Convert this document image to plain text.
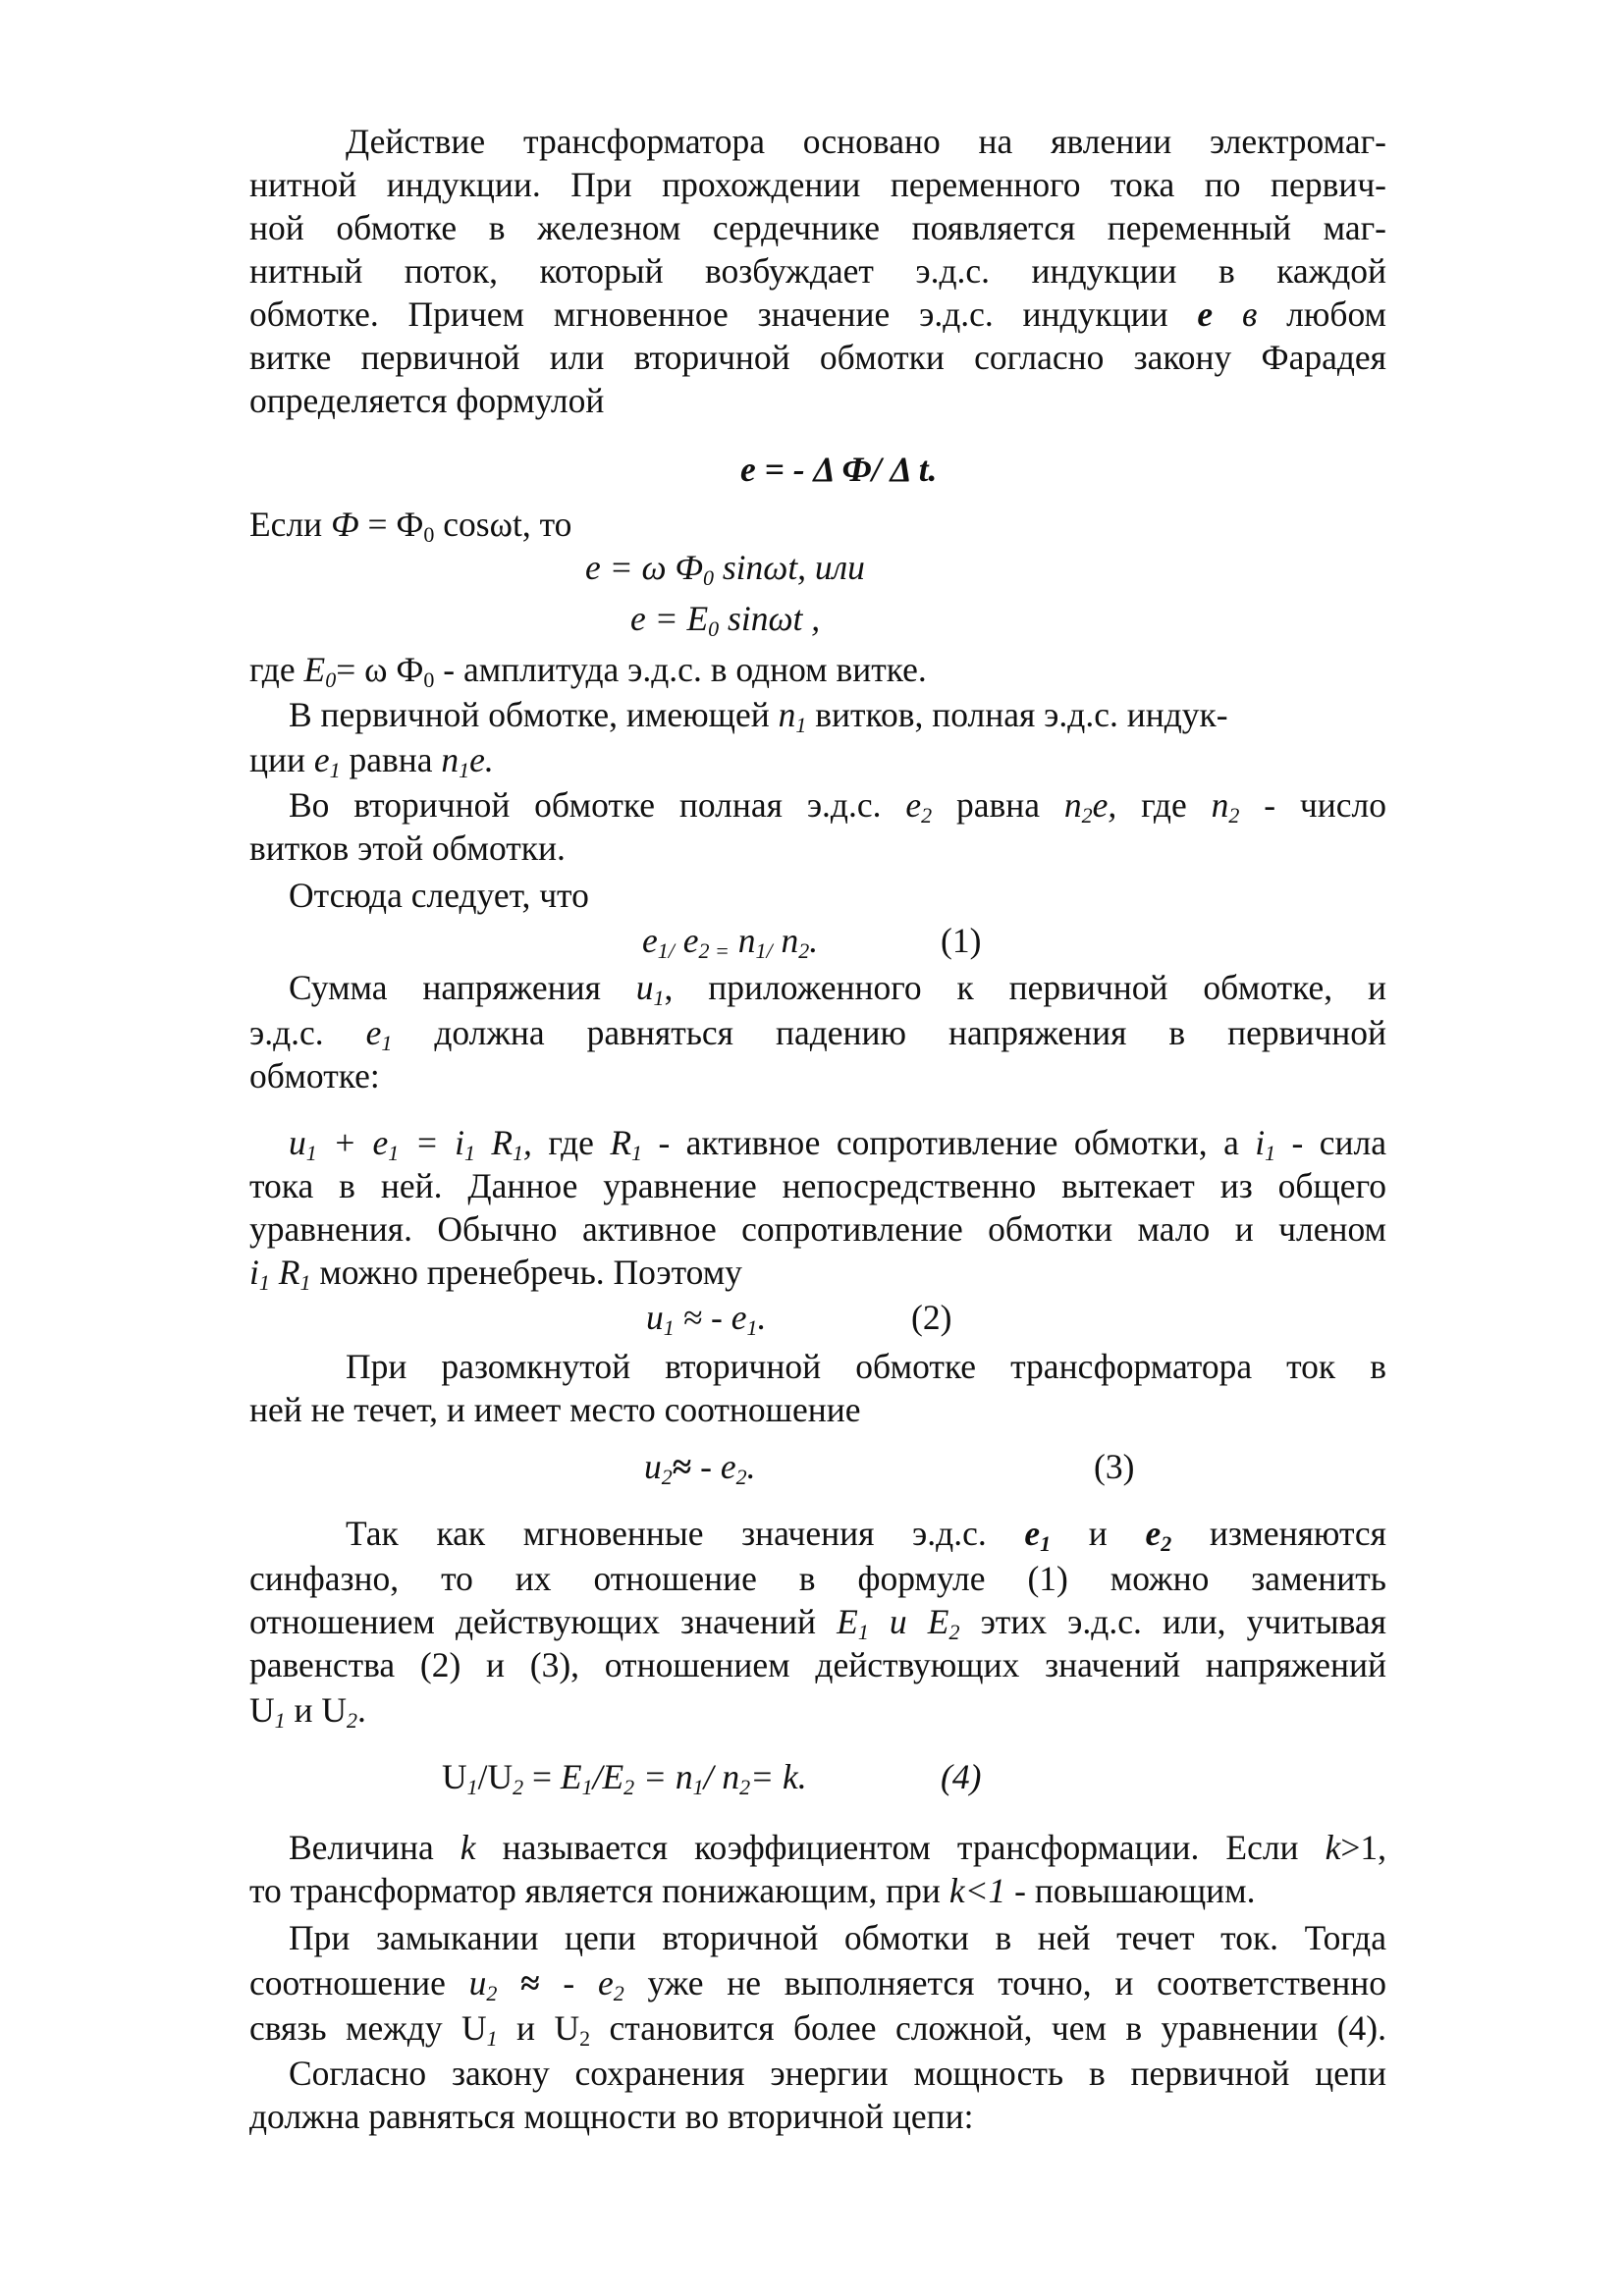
Действие трансформатора основано на явлении электромаг-
нитной индукции. При прохождении переменного тока по первич-
ной обмотке в железном сердечнике появляется переменный маг-
нитный поток, который возбуждает э.д.с. индукции в каждой
обмотке. Причем мгновенное значение э.д.с. индукции е в любом
витке первичной или вторичной обмотки согласно закону Фарадея
определяется формулой
е = - Δ Ф/ Δ t.
Если $Ф = Ф_0$ cosωt, то
е = ω $Ф_0$ sinωt, или
$е = Е_0$ sinωt ,
где $Е_0= \omega$ $Ф_0$ - амплитуда э.д.с. в одном витке.
В первичной обмотке, имеющей $n_1$ витков, полная э.д.с. индук-
ции $е_1$ равна $n_1е$.
Во вторичной обмотке полная э.д.с. $е_2$ равна $n_2е$, где $n_2$ - число
витков этой обмотки.
Отсюда следует, что
$е_{1/}$ $е_{2 =}$ $n_{1/}$ $n_2$.	(1)
Сумма напряжения $u_1$, приложенного к первичной обмотке, и
э.д.с. $е_1$ должна равняться падению напряжения в первичной
обмотке:
$u_1 + е_1 = i_1$ $R_1$, где $R_1$ - активное сопротивление обмотки, а $i_1$ - сила
тока в ней. Данное уравнение непосредственно вытекает из общего
уравнения. Обычно активное сопротивление обмотки мало и членом
$i_1$ $R_1$ можно пренебречь. Поэтому
$u_1$ ≈ - $е_1$.	(2)
При разомкнутой вторичной обмотке трансформатора ток в
ней не течет, и имеет место соотношение
$u_2\approx - е_2$.	(3)
Так как мгновенные значения э.д.с. $е_1$ и $е_2$ изменяются
синфазно, то их отношение в формуле (1) можно заменить
отношением действующих значений $Е_1$ и $Е_2$ этих э.д.с. или, учитывая
равенства (2) и (3), отношением действующих значений напряжений
$U_1$ и $U_2$.
$U_1/U_2 = E_1/E_2 = n_1/$ $n_2= k$.	(4)
Величина k называется коэффициентом трансформации. Если k>1,
то трансформатор является понижающим, при k<1 - повышающим.
При замыкании цепи вторичной обмотки в ней течет ток. Тогда
соотношение $u_2$ ≈ - $е_2$ уже не выполняется точно, и соответственно
связь между $U_1$ и $U_2$ становится более сложной, чем в уравнении (4).
Согласно закону сохранения энергии мощность в первичной цепи
должна равняться мощности во вторичной цепи:
